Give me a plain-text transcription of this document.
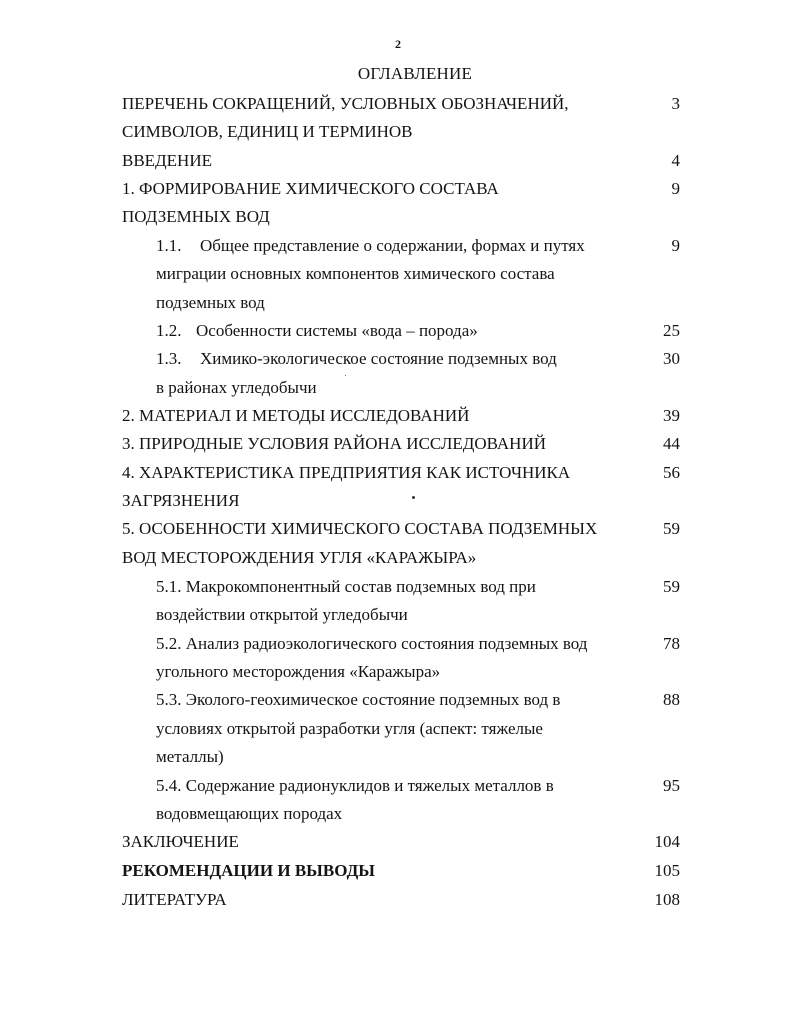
2
ОГЛАВЛЕНИЕ
ПЕРЕЧЕНЬ СОКРАЩЕНИЙ, УСЛОВНЫХ ОБОЗНАЧЕНИЙ,	3
СИМВОЛОВ, ЕДИНИЦ И ТЕРМИНОВ
ВВЕДЕНИЕ	4
1. ФОРМИРОВАНИЕ ХИМИЧЕСКОГО СОСТАВА	9
ПОДЗЕМНЫХ ВОД
1.1. Общее представление о содержании, формах и путях	9
миграции основных компонентов химического состава
подземных вод
1.2. Особенности системы «вода – порода»	25
1.3. Химико-экологическое состояние подземных вод	30
в районах угледобычи
2. МАТЕРИАЛ И МЕТОДЫ ИССЛЕДОВАНИЙ	39
3. ПРИРОДНЫЕ УСЛОВИЯ РАЙОНА ИССЛЕДОВАНИЙ	44
4. ХАРАКТЕРИСТИКА ПРЕДПРИЯТИЯ КАК ИСТОЧНИКА	56
ЗАГРЯЗНЕНИЯ
5. ОСОБЕННОСТИ ХИМИЧЕСКОГО СОСТАВА ПОДЗЕМНЫХ	59
ВОД МЕСТОРОЖДЕНИЯ УГЛЯ «КАРАЖЫРА»
5.1. Макрокомпонентный состав подземных вод при	59
воздействии открытой угледобычи
5.2. Анализ радиоэкологического состояния подземных вод	78
угольного месторождения «Каражыра»
5.3. Эколого-геохимическое состояние подземных вод в	88
условиях открытой разработки угля (аспект: тяжелые
металлы)
5.4. Содержание радионуклидов и тяжелых металлов в	95
водовмещающих породах
ЗАКЛЮЧЕНИЕ	104
РЕКОМЕНДАЦИИ И ВЫВОДЫ	105
ЛИТЕРАТУРА	108
